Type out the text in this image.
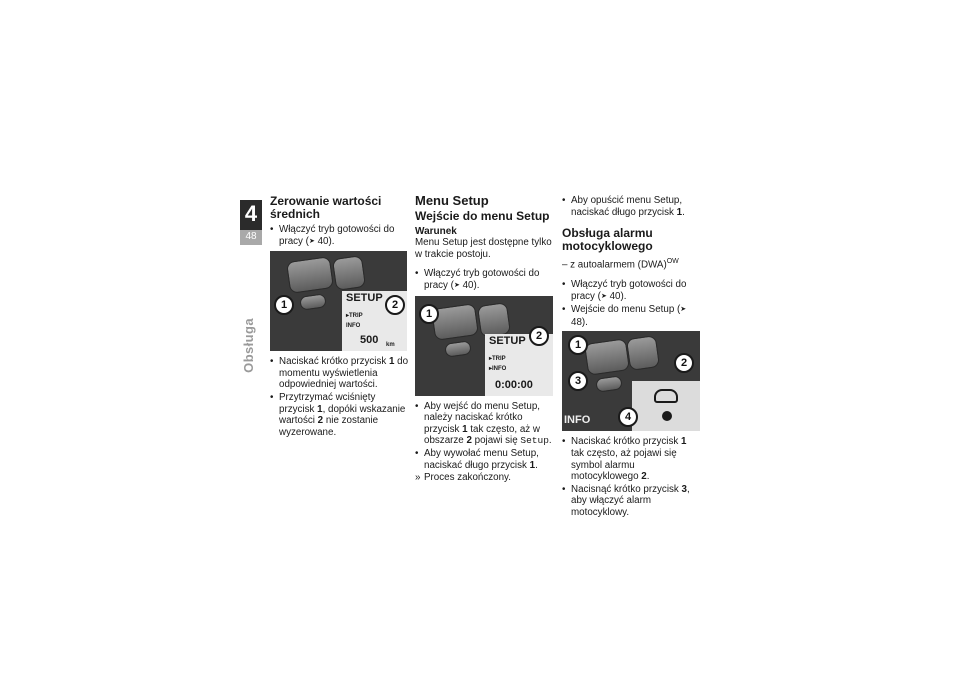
4
48
Obsługa
Zerowanie wartości średnich
• Włączyć tryb gotowości do pracy (➤ 40).
SETUP
▸TRIP
INFO
500 km
1	2
• Naciskać krótko przycisk 1 do momentu wyświetlenia odpowiedniej wartości.
• Przytrzymać wciśnięty przycisk 1, dopóki wskazanie wartości 2 nie zostanie wyzerowane.
Menu Setup
Wejście do menu Setup
Warunek

Menu Setup jest dostępne tylko w trakcie postoju.

• Włączyć tryb gotowości do pracy (➤ 40).
SETUP
▸TRIP
▸INFO
0:00:00
1
2
• Aby wejść do menu Setup, należy naciskać krótko przycisk 1 tak często, aż w obszarze 2 pojawi się Setup.
• Aby wywołać menu Setup, naciskać długo przycisk 1.
» Proces zakończony.
• Aby opuścić menu Setup, naciskać długo przycisk 1.
Obsługa alarmu motocyklowego

– z autoalarmem (DWA)$^{OW}$

• Włączyć tryb gotowości do pracy (➤ 40).
• Wejście do menu Setup (➤ 48).
INFO
1
2
3
4
• Naciskać krótko przycisk 1 tak często, aż pojawi się symbol alarmu motocyklowego 2.
• Nacisnąć krótko przycisk 3, aby włączyć alarm motocyklowy.
